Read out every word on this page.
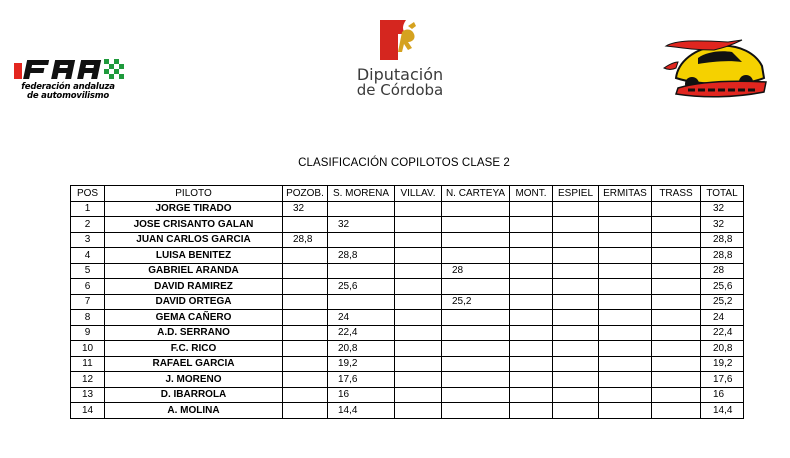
federación andaluza
de automovilismo
Diputación
de Córdoba
CLASIFICACIÓN COPILOTOS CLASE 2
POS	PILOTO	POZOB.	S. MORENA	VILLAV.	N. CARTEYA	MONT.	ESPIEL	ERMITAS	TRASS	TOTAL
1	JORGE TIRADO	32								32
2	JOSE CRISANTO GALAN		32							32
3	JUAN CARLOS GARCIA	28,8								28,8
4	LUISA BENITEZ		28,8							28,8
5	GABRIEL ARANDA				28					28
6	DAVID RAMIREZ		25,6							25,6
7	DAVID ORTEGA				25,2					25,2
8	GEMA CAÑERO		24							24
9	A.D. SERRANO		22,4							22,4
10	F.C. RICO		20,8							20,8
11	RAFAEL GARCIA		19,2							19,2
12	J. MORENO		17,6							17,6
13	D. IBARROLA		16							16
14	A. MOLINA		14,4							14,4
